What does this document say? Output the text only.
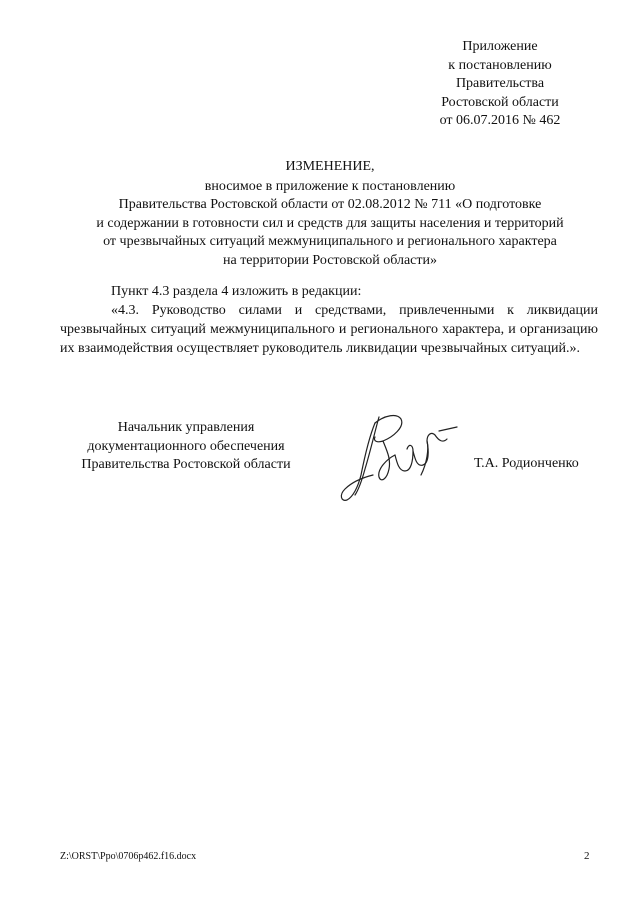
Приложение
к постановлению
Правительства
Ростовской области
от 06.07.2016 № 462
ИЗМЕНЕНИЕ,
вносимое в приложение к постановлению
Правительства Ростовской области от 02.08.2012 № 711 «О подготовке
и содержании в готовности сил и средств для защиты населения и территорий
от чрезвычайных ситуаций межмуниципального и регионального характера
на территории Ростовской области»
Пункт 4.3 раздела 4 изложить в редакции:

«4.3. Руководство силами и средствами, привлеченными к ликвидации чрезвычайных ситуаций межмуниципального и регионального характера, и организацию их взаимодействия осуществляет руководитель ликвидации чрезвычайных ситуаций.».

Начальник управления
документационного обеспечения
Правительства Ростовской области	Т.А. Родионченко
Z:\ORST\Ppo\0706p462.f16.docx	2
